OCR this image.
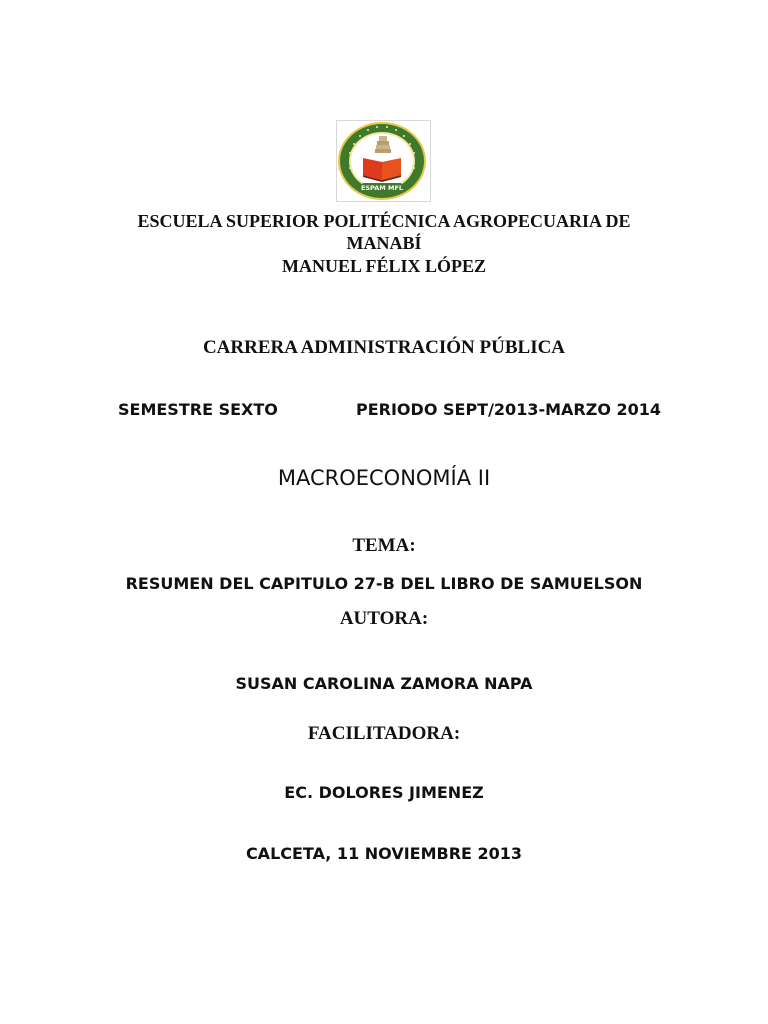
ESPAM MFL
ESCUELA SUPERIOR POLITÉCNICA AGROPECUARIA DE
MANABÍ
MANUEL FÉLIX LÓPEZ
CARRERA ADMINISTRACIÓN PÚBLICA
SEMESTRE SEXTO	PERIODO SEPT/2013-MARZO 2014
MACROECONOMÍA II
TEMA:
RESUMEN DEL CAPITULO 27-B DEL LIBRO DE SAMUELSON
AUTORA:
SUSAN CAROLINA ZAMORA NAPA
FACILITADORA:
EC. DOLORES JIMENEZ
CALCETA, 11 NOVIEMBRE 2013
